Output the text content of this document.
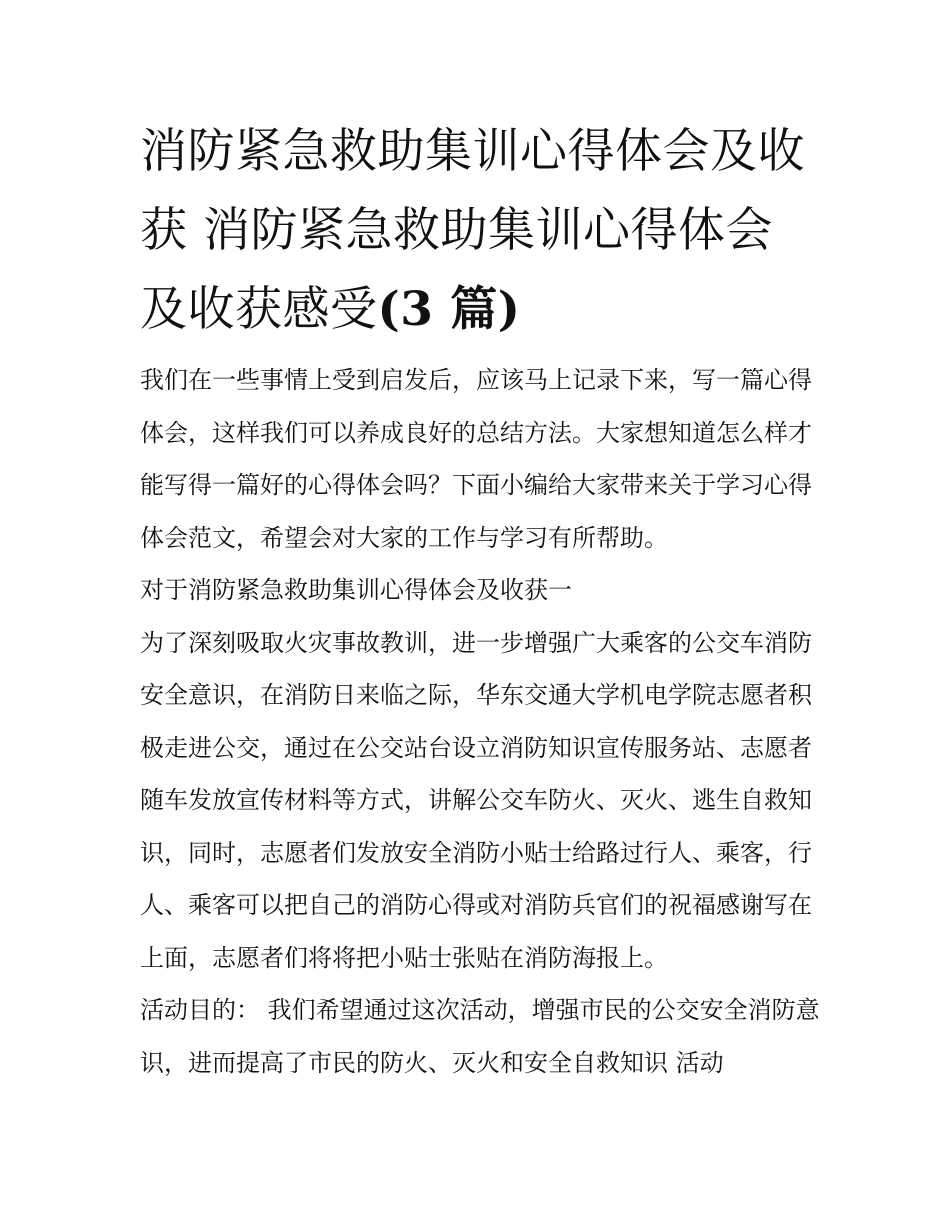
消防紧急救助集训心得体会及收获 消防紧急救助集训心得体会及收获感受(3 篇)

我们在一些事情上受到启发后，应该马上记录下来，写一篇心得体会，这样我们可以养成良好的总结方法。大家想知道怎么样才能写得一篇好的心得体会吗？下面小编给大家带来关于学习心得体会范文，希望会对大家的工作与学习有所帮助。

对于消防紧急救助集训心得体会及收获一

为了深刻吸取火灾事故教训，进一步增强广大乘客的公交车消防安全意识，在消防日来临之际，华东交通大学机电学院志愿者积极走进公交，通过在公交站台设立消防知识宣传服务站、志愿者随车发放宣传材料等方式，讲解公交车防火、灭火、逃生自救知识，同时，志愿者们发放安全消防小贴士给路过行人、乘客，行人、乘客可以把自己的消防心得或对消防兵官们的祝福感谢写在上面，志愿者们将将把小贴士张贴在消防海报上。

活动目的： 我们希望通过这次活动，增强市民的公交安全消防意识，进而提高了市民的防火、灭火和安全自救知识 活动
